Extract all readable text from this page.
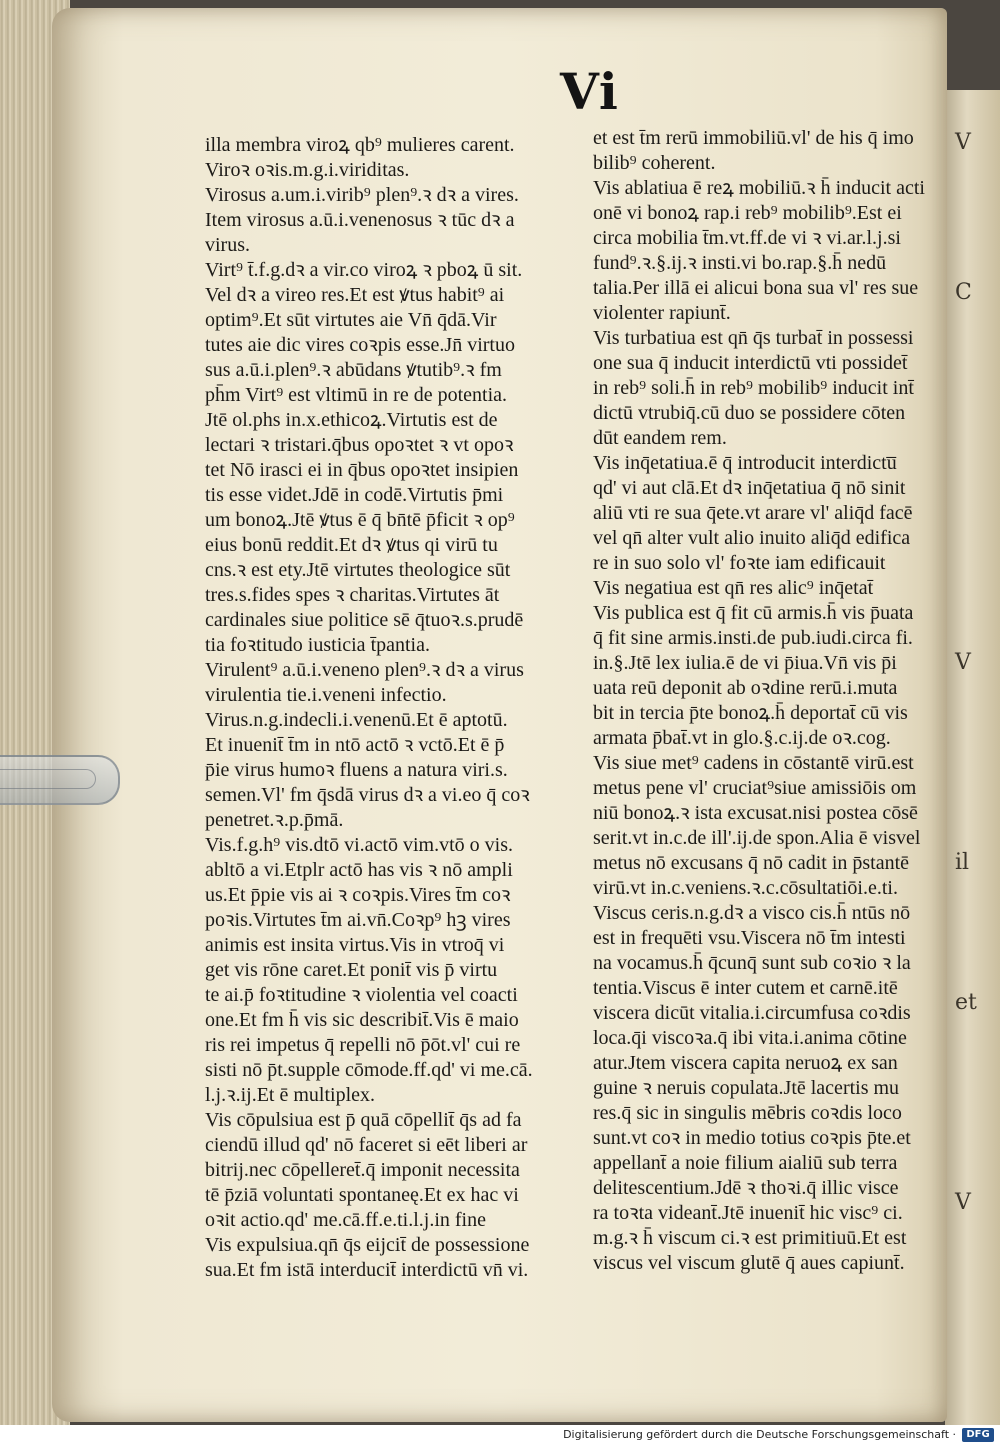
V
C
V
il
et
V

Vi

illa membra viroꝝ qb⁹ mulieres carent.

Viroꝛ oꝛis.m.g.i.viriditas.

Virosus a.um.i.virib⁹ plen⁹.ꝛ dꝛ a vires.

Item virosus a.ū.i.venenosus ꝛ tūc dꝛ a

virus.

Virt⁹ t̄.f.g.dꝛ a vir.co viroꝝ ꝛ pboꝝ ū sit.

Vel dꝛ a vireo res.Et est ꝟtus habit⁹ ai

optim⁹.Et sūt virtutes aie Vn̄ q̄dā.Vir

tutes aie dic vires coꝛpis esse.Jn̄ virtuo

sus a.ū.i.plen⁹.ꝛ abūdans ꝟtutib⁹.ꝛ fm

ph̄m Virt⁹ est vltimū in re de potentia.

Jtē ol.phs in.x.ethicoꝝ.Virtutis est de

lectari ꝛ tristari.q̄bus opoꝛtet ꝛ vt opoꝛ

tet Nō irasci ei in q̄bus opoꝛtet insipien

tis esse videt.Jdē in codē.Virtutis p̄mi

um bonoꝝ.Jtē ꝟtus ē q̄ bn̄tē p̄ficit ꝛ op⁹

eius bonū reddit.Et dꝛ ꝟtus qi virū tu

cns.ꝛ est ety.Jtē virtutes theologice sūt

tres.s.fides spes ꝛ charitas.Virtutes āt

cardinales siue politice sē q̄tuoꝛ.s.prudē

tia foꝛtitudo iusticia t̄pantia.

Virulent⁹ a.ū.i.veneno plen⁹.ꝛ dꝛ a virus

virulentia tie.i.veneni infectio.

Virus.n.g.indecli.i.venenū.Et ē aptotū.

Et inuenit̄ t̄m in ntō actō ꝛ vctō.Et ē p̄

p̄ie virus humoꝛ fluens a natura viri.s.

semen.Vl' fm q̄sdā virus dꝛ a vi.eo q̄ coꝛ

penetret.ꝛ.p.p̄mā.

Vis.f.g.h⁹ vis.dtō vi.actō vim.vtō o vis.

abltō a vi.Etplr actō has vis ꝛ nō ampli

us.Et p̄pie vis ai ꝛ coꝛpis.Vires t̄m coꝛ

poꝛis.Virtutes t̄m ai.vn̄.Coꝛp⁹ hꝫ vires

animis est insita virtus.Vis in vtroq̄ vi

get vis rōne caret.Et ponit̄ vis p̄ virtu

te ai.p̄ foꝛtitudine ꝛ violentia vel coacti

one.Et fm h̄ vis sic describit̄.Vis ē maio

ris rei impetus q̄ repelli nō p̄ōt.vl' cui re

sisti nō p̄t.supple cōmode.ff.qd' vi me.cā.

l.j.ꝛ.ij.Et ē multiplex.

Vis cōpulsiua est p̄ quā cōpellit̄ q̄s ad fa

ciendū illud qd' nō faceret si eēt liberi ar

bitrij.nec cōpelleret̄.q̄ imponit necessita

tē p̄ziā voluntati spontaneę.Et ex hac vi

oꝛit actio.qd' me.cā.ff.e.ti.l.j.in fine

Vis expulsiua.qn̄ q̄s eijcit̄ de possessione

sua.Et fm istā interducit̄ interdictū vn̄ vi.

et est t̄m rerū immobiliū.vl' de his q̄ imo

bilib⁹ coherent.

Vis ablatiua ē reꝝ mobiliū.ꝛ h̄ inducit acti

onē vi bonoꝝ rap.i reb⁹ mobilib⁹.Est ei

circa mobilia t̄m.vt.ff.de vi ꝛ vi.ar.l.j.si

fund⁹.ꝛ.§.ij.ꝛ insti.vi bo.rap.§.h̄ nedū

talia.Per illā ei alicui bona sua vl' res sue

violenter rapiunt̄.

Vis turbatiua est qn̄ q̄s turbat̄ in possessi

one sua q̄ inducit interdictū vti possidet̄

in reb⁹ soli.h̄ in reb⁹ mobilib⁹ inducit int̄

dictū vtrubiq̄.cū duo se possidere cōten

dūt eandem rem.

Vis inq̄etatiua.ē q̄ introducit interdictu̅

qd' vi aut clā.Et dꝛ inq̄etatiua q̄ nō sinit

aliū vti re sua q̄ete.vt arare vl' aliq̄d facē

vel qn̄ alter vult alio inuito aliq̄d edifica

re in suo solo vl' foꝛte iam edificauit

Vis negatiua est qn̄ res alic⁹ inq̄etat̄

Vis publica est q̄ fit cū armis.h̄ vis p̄uata

q̄ fit sine armis.insti.de pub.iudi.circa fi.

in.§.Jtē lex iulia.ē de vi p̄iua.Vn̄ vis p̄i

uata reū deponit ab oꝛdine rerū.i.muta

bit in tercia p̄te bonoꝝ.h̄ deportat̄ cū vis

armata p̄bat̄.vt in glo.§.c.ij.de oꝛ.cog.

Vis siue met⁹ cadens in cōstantē virū.est

metus pene vl' cruciat⁹siue amissiōis om

niū bonoꝝ.ꝛ ista excusat.nisi postea cōsē

serit.vt in.c.de ill'.ij.de spon.Alia ē visvel

metus nō excusans q̄ nō cadit in p̄stantē

virū.vt in.c.veniens.ꝛ.c.cōsultatiōi.e.ti.

Viscus ceris.n.g.dꝛ a visco cis.h̄ ntūs nō

est in frequēti vsu.Viscera nō t̄m intesti

na vocamus.h̄ q̄cunq̄ sunt sub coꝛio ꝛ la

tentia.Viscus ē inter cutem et carnē.itē

viscera dicūt vitalia.i.circumfusa coꝛdis

loca.q̄i viscoꝛa.q̄ ibi vita.i.anima cōtine

atur.Jtem viscera capita neruoꝝ ex san

guine ꝛ neruis copulata.Jtē lacertis mu

res.q̄ sic in singulis mēbris coꝛdis loco

sunt.vt coꝛ in medio totius coꝛpis p̄te.et

appellant̄ a noie filium aialiū sub terra

delitescentium.Jdē ꝛ thoꝛi.q̄ illic visce

ra toꝛta videant̄.Jtē inuenit̄ hic visc⁹ ci.

m.g.ꝛ h̄ viscum ci.ꝛ est primitiuū.Et est

viscus vel viscum glutē q̄ aues capiunt̄.

Digitalisierung gefördert durch die Deutsche Forschungsgemeinschaft ·	DFG
